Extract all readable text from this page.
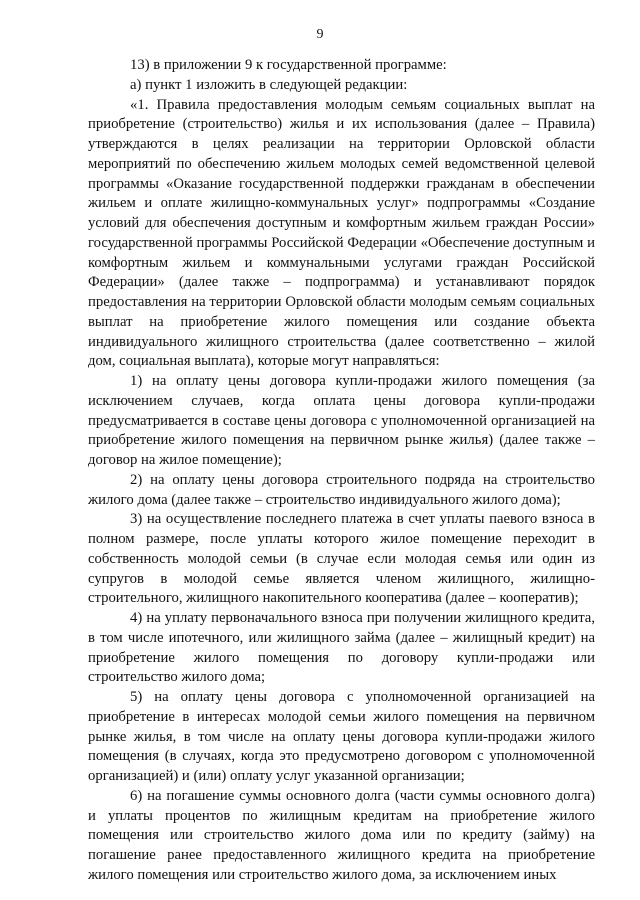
9

13) в приложении 9 к государственной программе:

а) пункт 1 изложить в следующей редакции:

«1. Правила предоставления молодым семьям социальных выплат на приобретение (строительство) жилья и их использования (далее – Правила) утверждаются в целях реализации на территории Орловской области мероприятий по обеспечению жильем молодых семей ведомственной целевой программы «Оказание государственной поддержки гражданам в обеспечении жильем и оплате жилищно-коммунальных услуг» подпрограммы «Создание условий для обеспечения доступным и комфортным жильем граждан России» государственной программы Российской Федерации «Обеспечение доступным и комфортным жильем и коммунальными услугами граждан Российской Федерации» (далее также – подпрограмма) и устанавливают порядок предоставления на территории Орловской области молодым семьям социальных выплат на приобретение жилого помещения или создание объекта индивидуального жилищного строительства (далее соответственно – жилой дом, социальная выплата), которые могут направляться:

1) на оплату цены договора купли-продажи жилого помещения (за исключением случаев, когда оплата цены договора купли-продажи предусматривается в составе цены договора с уполномоченной организацией на приобретение жилого помещения на первичном рынке жилья) (далее также – договор на жилое помещение);

2) на оплату цены договора строительного подряда на строительство жилого дома (далее также – строительство индивидуального жилого дома);

3) на осуществление последнего платежа в счет уплаты паевого взноса в полном размере, после уплаты которого жилое помещение переходит в собственность молодой семьи (в случае если молодая семья или один из супругов в молодой семье является членом жилищного, жилищно-строительного, жилищного накопительного кооператива (далее – кооператив);

4) на уплату первоначального взноса при получении жилищного кредита, в том числе ипотечного, или жилищного займа (далее – жилищный кредит) на приобретение жилого помещения по договору купли-продажи или строительство жилого дома;

5) на оплату цены договора с уполномоченной организацией на приобретение в интересах молодой семьи жилого помещения на первичном рынке жилья, в том числе на оплату цены договора купли-продажи жилого помещения (в случаях, когда это предусмотрено договором с уполномоченной организацией) и (или) оплату услуг указанной организации;

6) на погашение суммы основного долга (части суммы основного долга) и уплаты процентов по жилищным кредитам на приобретение жилого помещения или строительство жилого дома или по кредиту (займу) на погашение ранее предоставленного жилищного кредита на приобретение жилого помещения или строительство жилого дома, за исключением иных
